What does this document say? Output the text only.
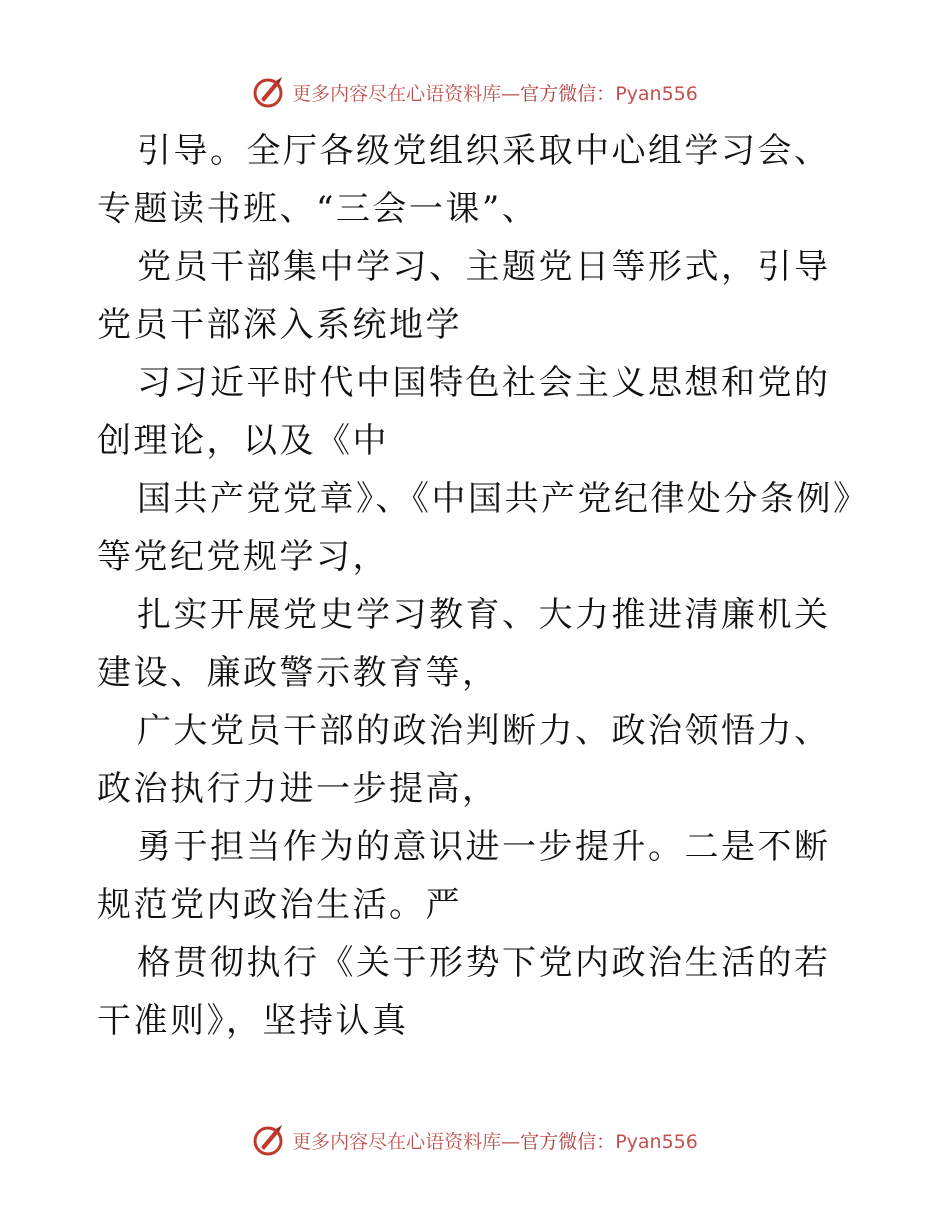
更多内容尽在心语资料库—官方微信：Pyan556

引导。全厅各级党组织采取中心组学习会、专题读书班、“三会一课”、

党员干部集中学习、主题党日等形式，引导党员干部深入系统地学

习习近平时代中国特色社会主义思想和党的创理论，以及《中

国共产党党章》、《中国共产党纪律处分条例》等党纪党规学习，

扎实开展党史学习教育、大力推进清廉机关建设、廉政警示教育等，

广大党员干部的政治判断力、政治领悟力、政治执行力进一步提高，

勇于担当作为的意识进一步提升。二是不断规范党内政治生活。严

格贯彻执行《关于形势下党内政治生活的若干准则》，坚持认真

更多内容尽在心语资料库—官方微信：Pyan556
